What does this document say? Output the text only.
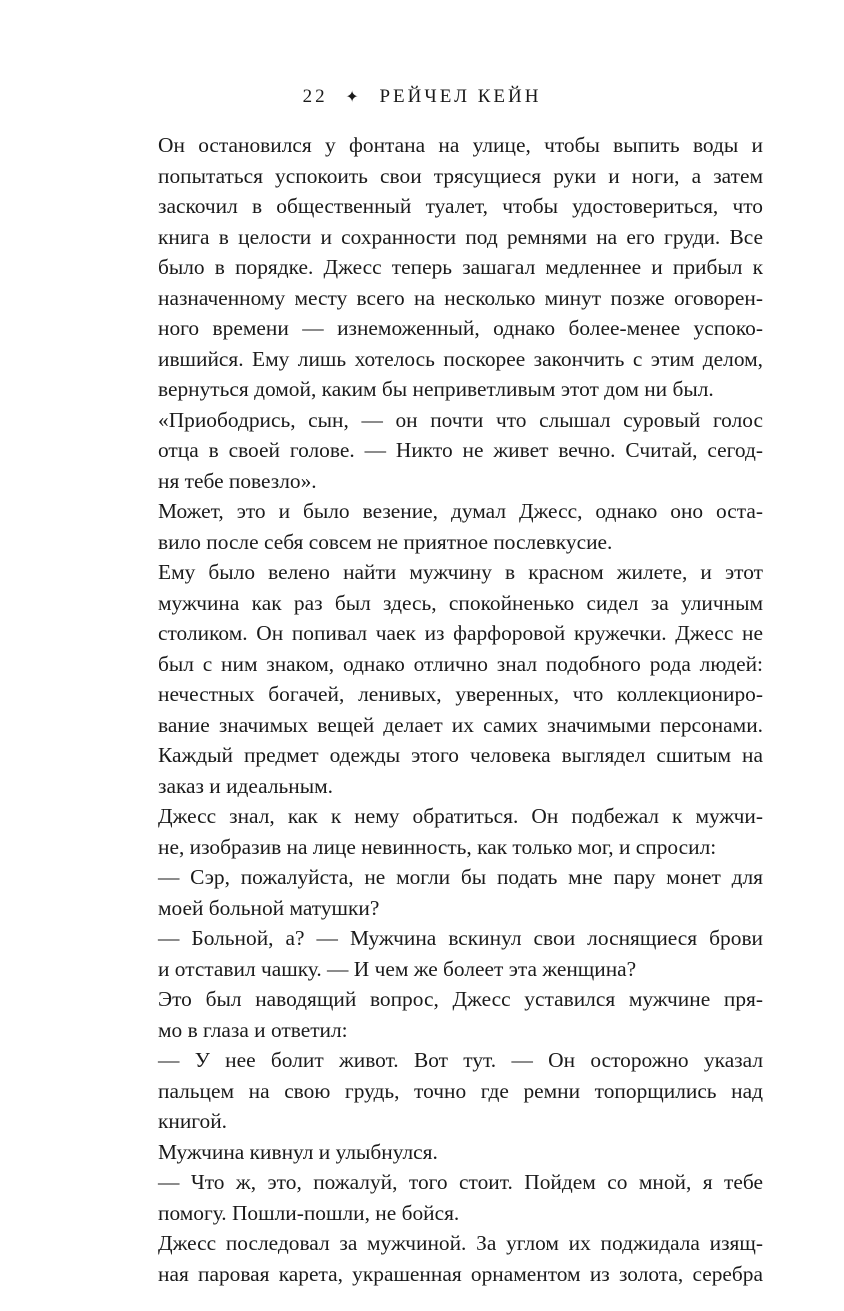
22 ✦ РЕЙЧЕЛ КЕЙН
Он остановился у фонтана на улице, чтобы выпить воды и
попытаться успокоить свои трясущиеся руки и ноги, а затем
заскочил в общественный туалет, чтобы удостовериться, что
книга в целости и сохранности под ремнями на его груди. Все
было в порядке. Джесс теперь зашагал медленнее и прибыл к
назначенному месту всего на несколько минут позже оговорен-
ного времени — изнеможенный, однако более-менее успоко-
ившийся. Ему лишь хотелось поскорее закончить с этим делом,
вернуться домой, каким бы неприветливым этот дом ни был.
«Приободрись, сын, — он почти что слышал суровый голос
отца в своей голове. — Никто не живет вечно. Считай, сегод-
ня тебе повезло».
Может, это и было везение, думал Джесс, однако оно оста-
вило после себя совсем не приятное послевкусие.
Ему было велено найти мужчину в красном жилете, и этот
мужчина как раз был здесь, спокойненько сидел за уличным
столиком. Он попивал чаек из фарфоровой кружечки. Джесс не
был с ним знаком, однако отлично знал подобного рода людей:
нечестных богачей, ленивых, уверенных, что коллекциониро-
вание значимых вещей делает их самих значимыми персонами.
Каждый предмет одежды этого человека выглядел сшитым на
заказ и идеальным.
Джесс знал, как к нему обратиться. Он подбежал к мужчи-
не, изобразив на лице невинность, как только мог, и спросил:
— Сэр, пожалуйста, не могли бы подать мне пару монет для
моей больной матушки?
— Больной, а? — Мужчина вскинул свои лоснящиеся брови
и отставил чашку. — И чем же болеет эта женщина?
Это был наводящий вопрос, Джесс уставился мужчине пря-
мо в глаза и ответил:
— У нее болит живот. Вот тут. — Он осторожно указал
пальцем на свою грудь, точно где ремни топорщились над
книгой.
Мужчина кивнул и улыбнулся.
— Что ж, это, пожалуй, того стоит. Пойдем со мной, я тебе
помогу. Пошли-пошли, не бойся.
Джесс последовал за мужчиной. За углом их поджидала изящ-
ная паровая карета, украшенная орнаментом из золота, серебра
